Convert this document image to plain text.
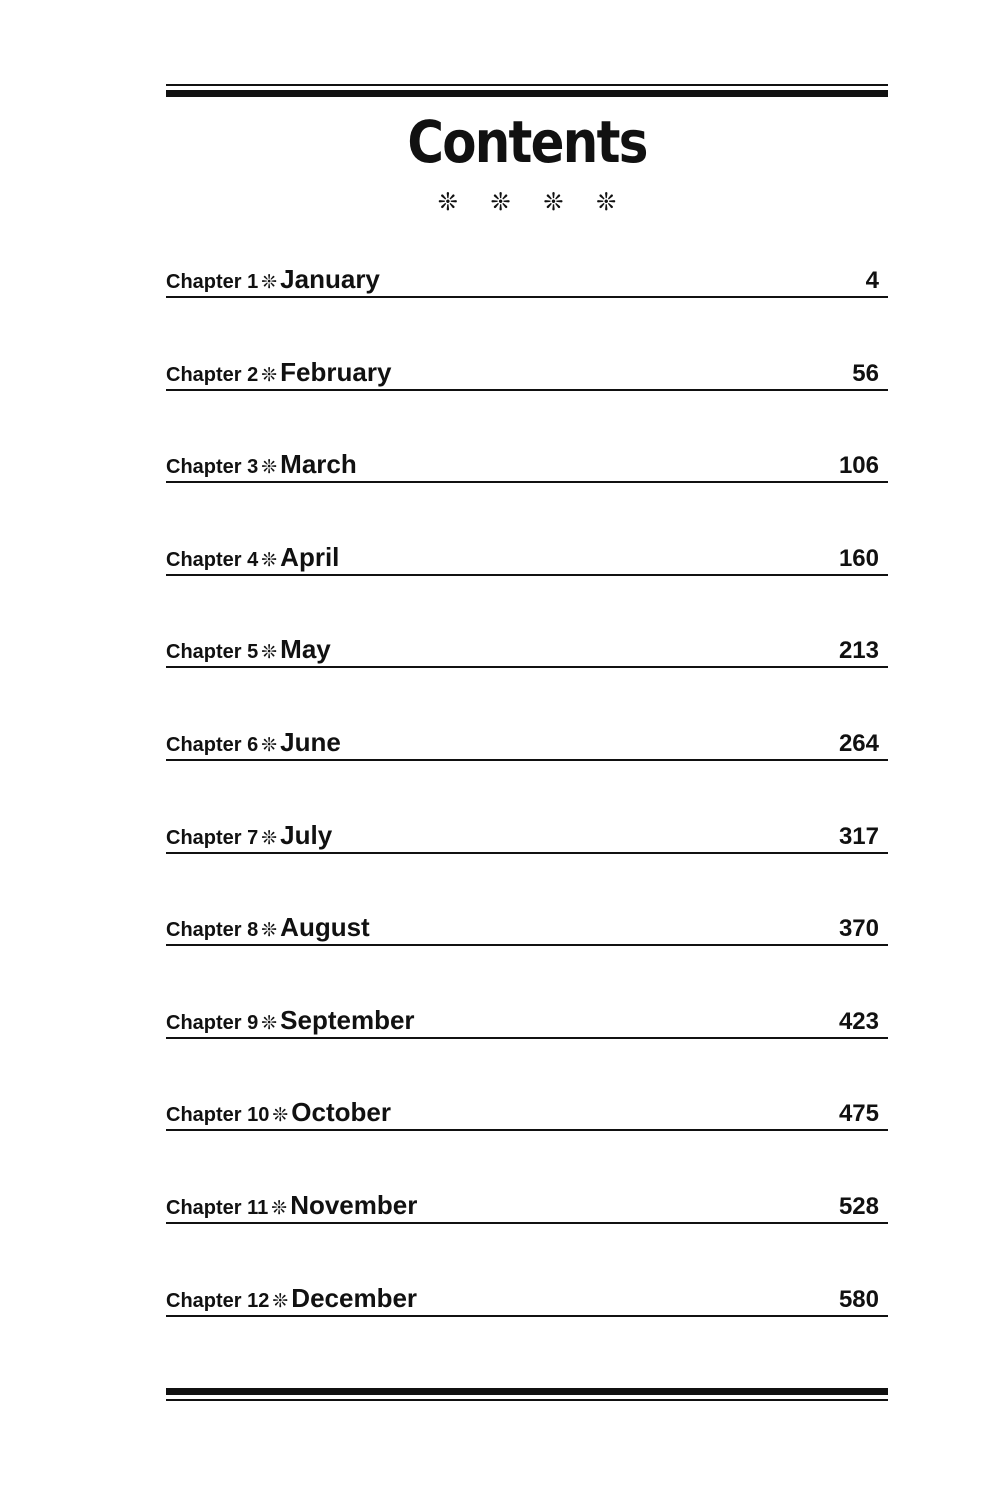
Contents
❊ ❊ ❊ ❊
Chapter 1 ❊ January	4
Chapter 2 ❊ February	56
Chapter 3 ❊ March	106
Chapter 4 ❊ April	160
Chapter 5 ❊ May	213
Chapter 6 ❊ June	264
Chapter 7 ❊ July	317
Chapter 8 ❊ August	370
Chapter 9 ❊ September	423
Chapter 10 ❊ October	475
Chapter 11 ❊ November	528
Chapter 12 ❊ December	580
